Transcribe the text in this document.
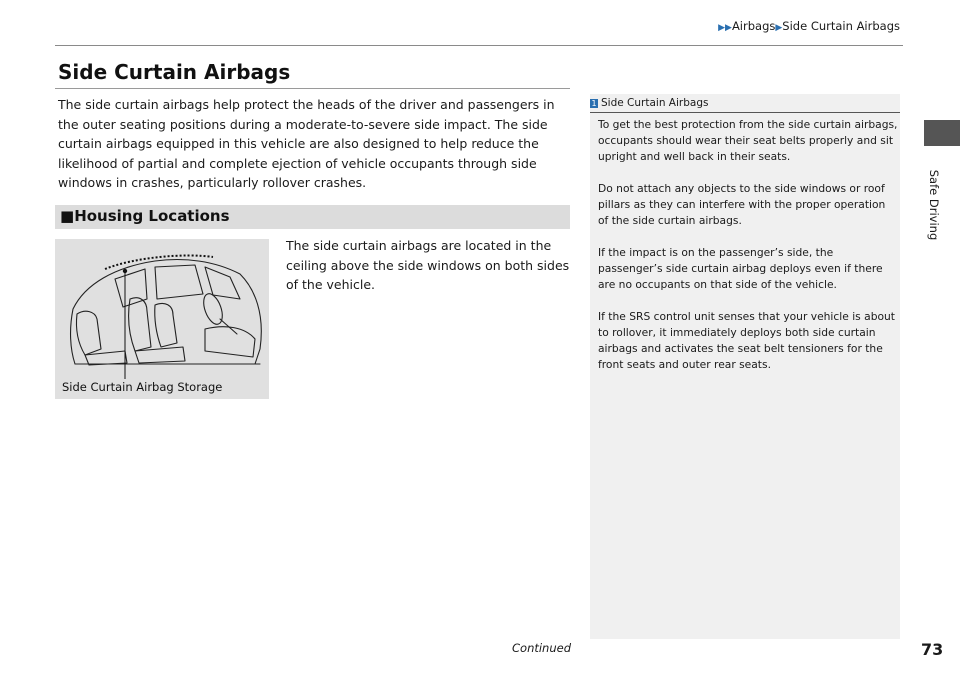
▶▶Airbags▶Side Curtain Airbags
Safe Driving
Side Curtain Airbags

The side curtain airbags help protect the heads of the driver and passengers in the outer seating positions during a moderate-to-severe side impact. The side curtain airbags equipped in this vehicle are also designed to help reduce the likelihood of partial and complete ejection of vehicle occupants through side windows in crashes, particularly rollover crashes.

■Housing Locations

The side curtain airbags are located in the ceiling above the side windows on both sides of the vehicle.

Side Curtain Airbag Storage
1 Side Curtain Airbags

To get the best protection from the side curtain airbags, occupants should wear their seat belts properly and sit upright and well back in their seats.

Do not attach any objects to the side windows or roof pillars as they can interfere with the proper operation of the side curtain airbags.

If the impact is on the passenger’s side, the passenger’s side curtain airbag deploys even if there are no occupants on that side of the vehicle.

If the SRS control unit senses that your vehicle is about to rollover, it immediately deploys both side curtain airbags and activates the seat belt tensioners for the front seats and outer rear seats.

Continued	73
